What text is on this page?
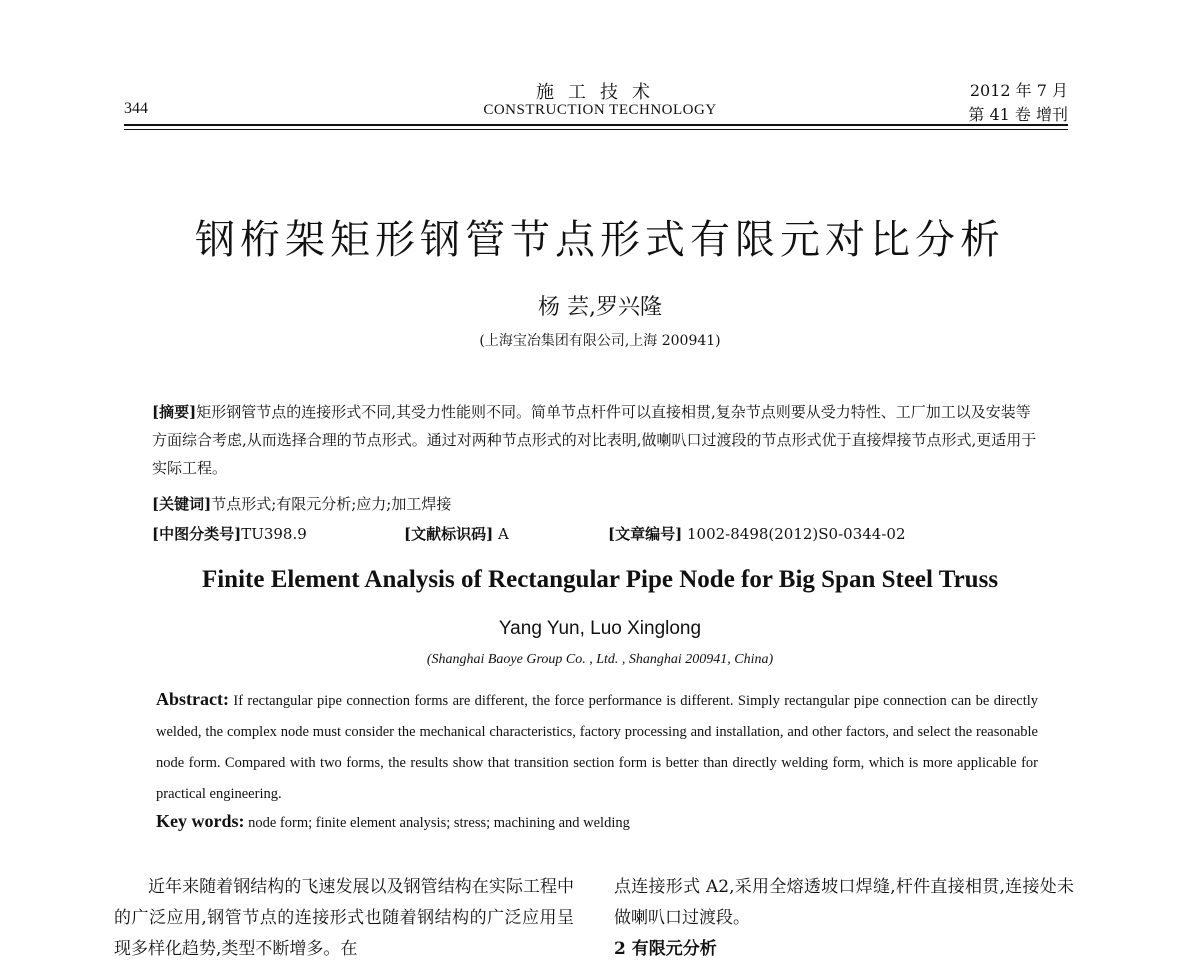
344
施工技术
CONSTRUCTION TECHNOLOGY
2012 年 7 月
第 41 卷 增刊
钢桁架矩形钢管节点形式有限元对比分析
杨 芸,罗兴隆
(上海宝冶集团有限公司,上海 200941)
[摘要]矩形钢管节点的连接形式不同,其受力性能则不同。简单节点杆件可以直接相贯,复杂节点则要从受力特性、工厂加工以及安装等方面综合考虑,从而选择合理的节点形式。通过对两种节点形式的对比表明,做喇叭口过渡段的节点形式优于直接焊接节点形式,更适用于实际工程。
[关键词]节点形式;有限元分析;应力;加工焊接
[中图分类号]TU398.9	[文献标识码] A	[文章编号] 1002-8498(2012)S0-0344-02
Finite Element Analysis of Rectangular Pipe Node for Big Span Steel Truss
Yang Yun, Luo Xinglong
(Shanghai Baoye Group Co. , Ltd. , Shanghai 200941, China)
Abstract: If rectangular pipe connection forms are different, the force performance is different. Simply rectangular pipe connection can be directly welded, the complex node must consider the mechanical characteristics, factory processing and installation, and other factors, and select the reasonable node form. Compared with two forms, the results show that transition section form is better than directly welding form, which is more applicable for practical engineering.
Key words: node form; finite element analysis; stress; machining and welding

近年来随着钢结构的飞速发展以及钢管结构在实际工程中的广泛应用,钢管节点的连接形式也随着钢结构的广泛应用呈现多样化趋势,类型不断增多。在

点连接形式 A2,采用全熔透坡口焊缝,杆件直接相贯,连接处未做喇叭口过渡段。

2 有限元分析
